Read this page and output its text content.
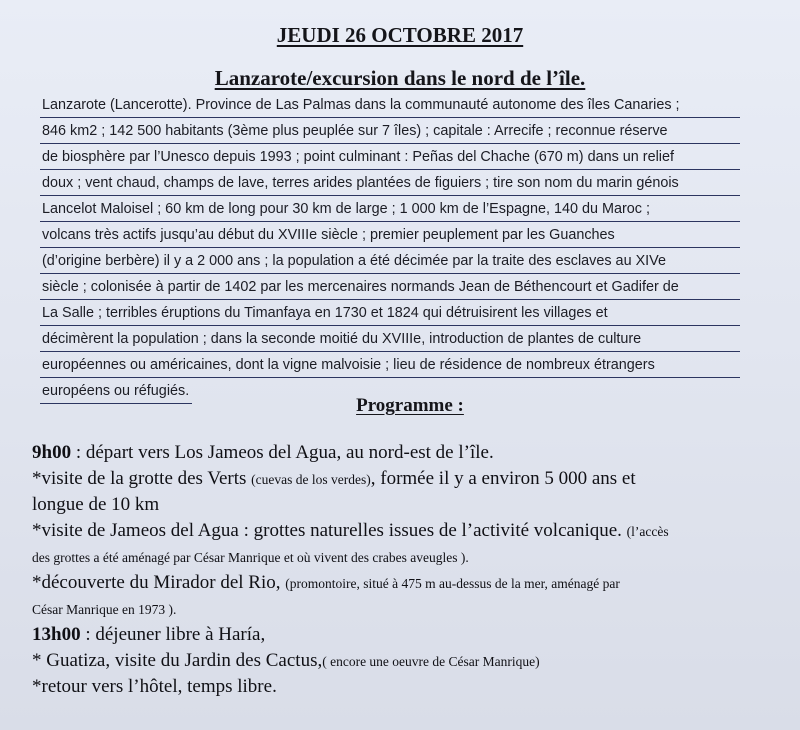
JEUDI 26 OCTOBRE 2017
Lanzarote/excursion dans le nord de l’île.
Lanzarote (Lancerotte). Province de Las Palmas dans la communauté autonome des îles Canaries ;
846 km2 ; 142 500 habitants (3ème plus peuplée sur 7 îles) ; capitale : Arrecife ; reconnue réserve
de biosphère par l’Unesco depuis 1993 ; point culminant : Peñas del Chache (670 m) dans un relief
doux ; vent chaud, champs de lave, terres arides plantées de figuiers ; tire son nom du marin génois
Lancelot Maloisel ; 60 km de long pour 30 km de large ; 1 000 km de l’Espagne, 140 du Maroc ;
volcans très actifs jusqu’au début du XVIIIe siècle ; premier peuplement par les Guanches
(d’origine berbère) il y a 2 000 ans ; la population a été décimée par la traite des esclaves au XIVe
siècle ; colonisée à partir de 1402 par les mercenaires normands Jean de Béthencourt et Gadifer de
La Salle ; terribles éruptions du Timanfaya en 1730 et 1824 qui détruisirent les villages et
décimèrent la population ; dans la seconde moitié du XVIIIe, introduction de plantes de culture
européennes ou américaines, dont la vigne malvoisie ; lieu de résidence de nombreux étrangers
européens ou réfugiés.
Programme :
9h00 : départ vers Los Jameos del Agua, au nord-est de l’île.
*visite de la grotte des Verts (cuevas de los verdes), formée il y a environ 5 000 ans et
longue de 10 km
*visite de Jameos del Agua : grottes naturelles issues de l’activité volcanique. (l’accès
des grottes a été aménagé par César Manrique et où vivent des crabes aveugles ).
*découverte du Mirador del Rio, (promontoire, situé à 475 m au-dessus de la mer, aménagé par
César Manrique en 1973 ).
13h00 : déjeuner libre à Haría,
* Guatiza, visite du Jardin des Cactus,( encore une oeuvre de César Manrique)
*retour vers l’hôtel, temps libre.
